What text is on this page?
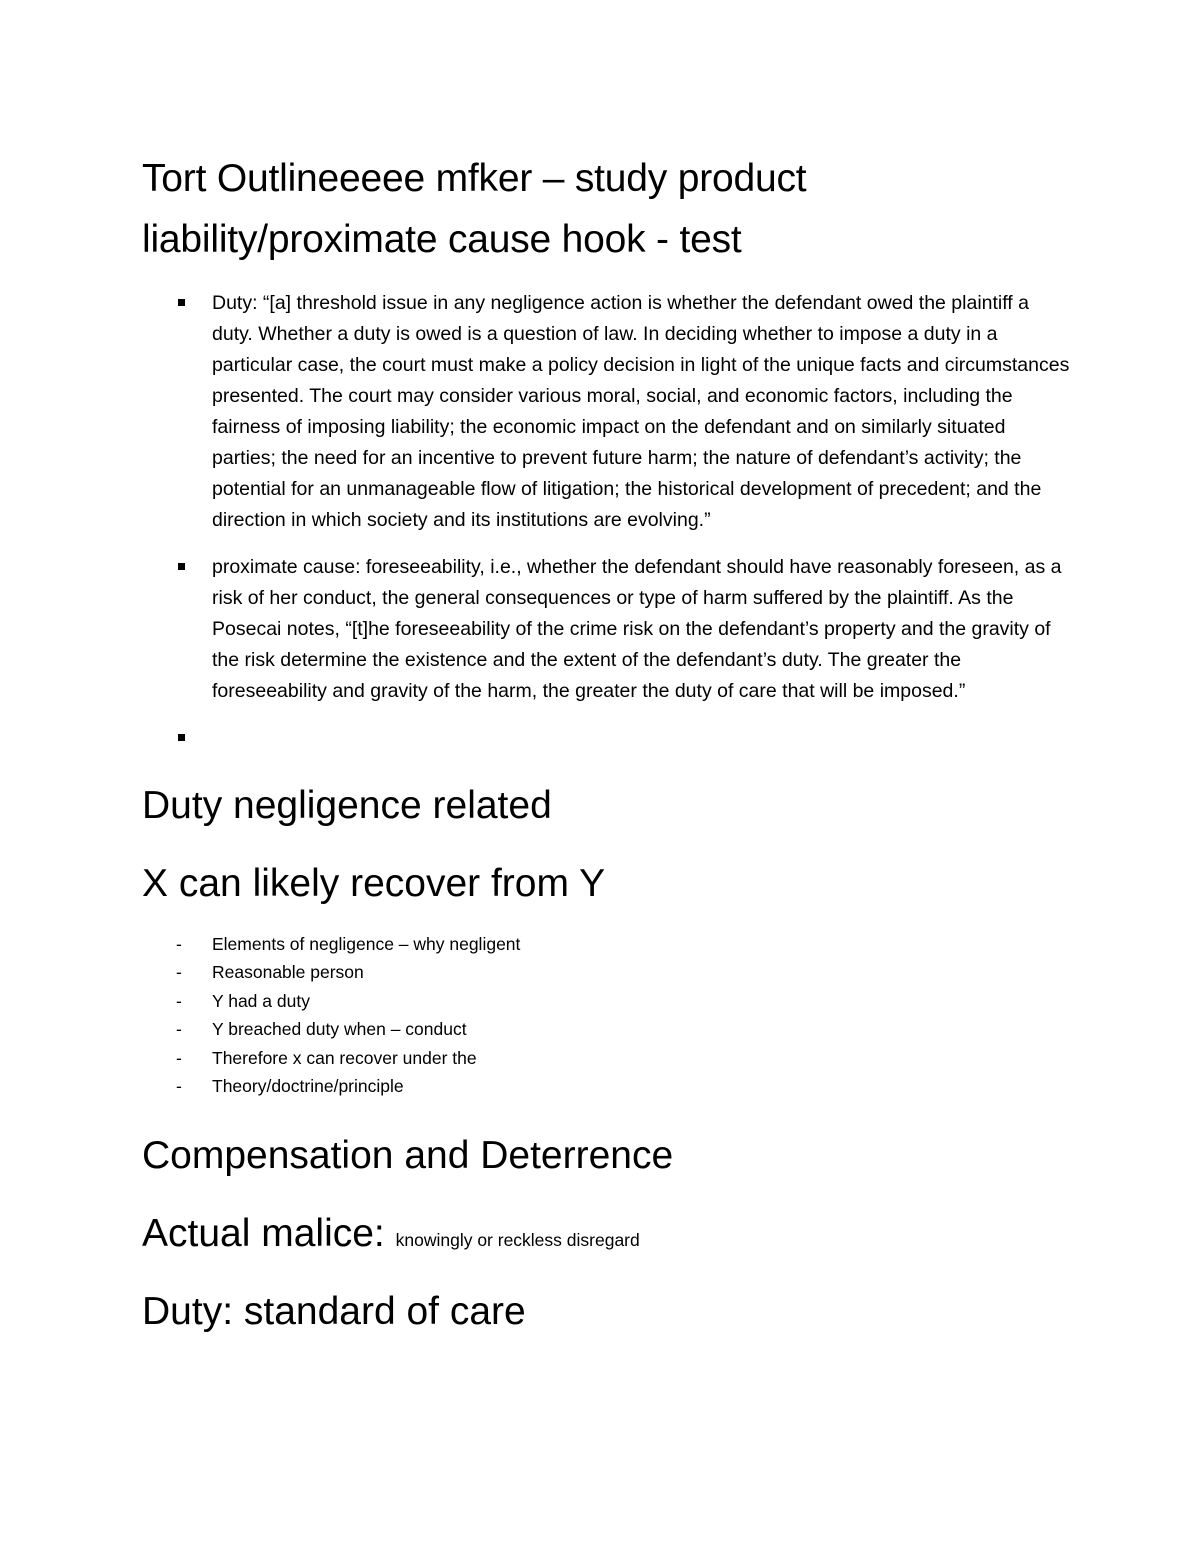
Tort Outlineeeee mfker – study product liability/proximate cause hook - test
Duty: “[a] threshold issue in any negligence action is whether the defendant owed the plaintiff a duty. Whether a duty is owed is a question of law. In deciding whether to impose a duty in a particular case, the court must make a policy decision in light of the unique facts and circumstances presented. The court may consider various moral, social, and economic factors, including the fairness of imposing liability; the economic impact on the defendant and on similarly situated parties; the need for an incentive to prevent future harm; the nature of defendant’s activity; the potential for an unmanageable flow of litigation; the historical development of precedent; and the direction in which society and its institutions are evolving.”
proximate cause: foreseeability, i.e., whether the defendant should have reasonably foreseen, as a risk of her conduct, the general consequences or type of harm suffered by the plaintiff. As the Posecai notes, “[t]he foreseeability of the crime risk on the defendant’s property and the gravity of the risk determine the existence and the extent of the defendant’s duty. The greater the foreseeability and gravity of the harm, the greater the duty of care that will be imposed.”
Duty negligence related
X can likely recover from Y
- Elements of negligence – why negligent
- Reasonable person
- Y had a duty
- Y breached duty when – conduct
- Therefore x can recover under the
- Theory/doctrine/principle
Compensation and Deterrence
Actual malice: knowingly or reckless disregard
Duty: standard of care
